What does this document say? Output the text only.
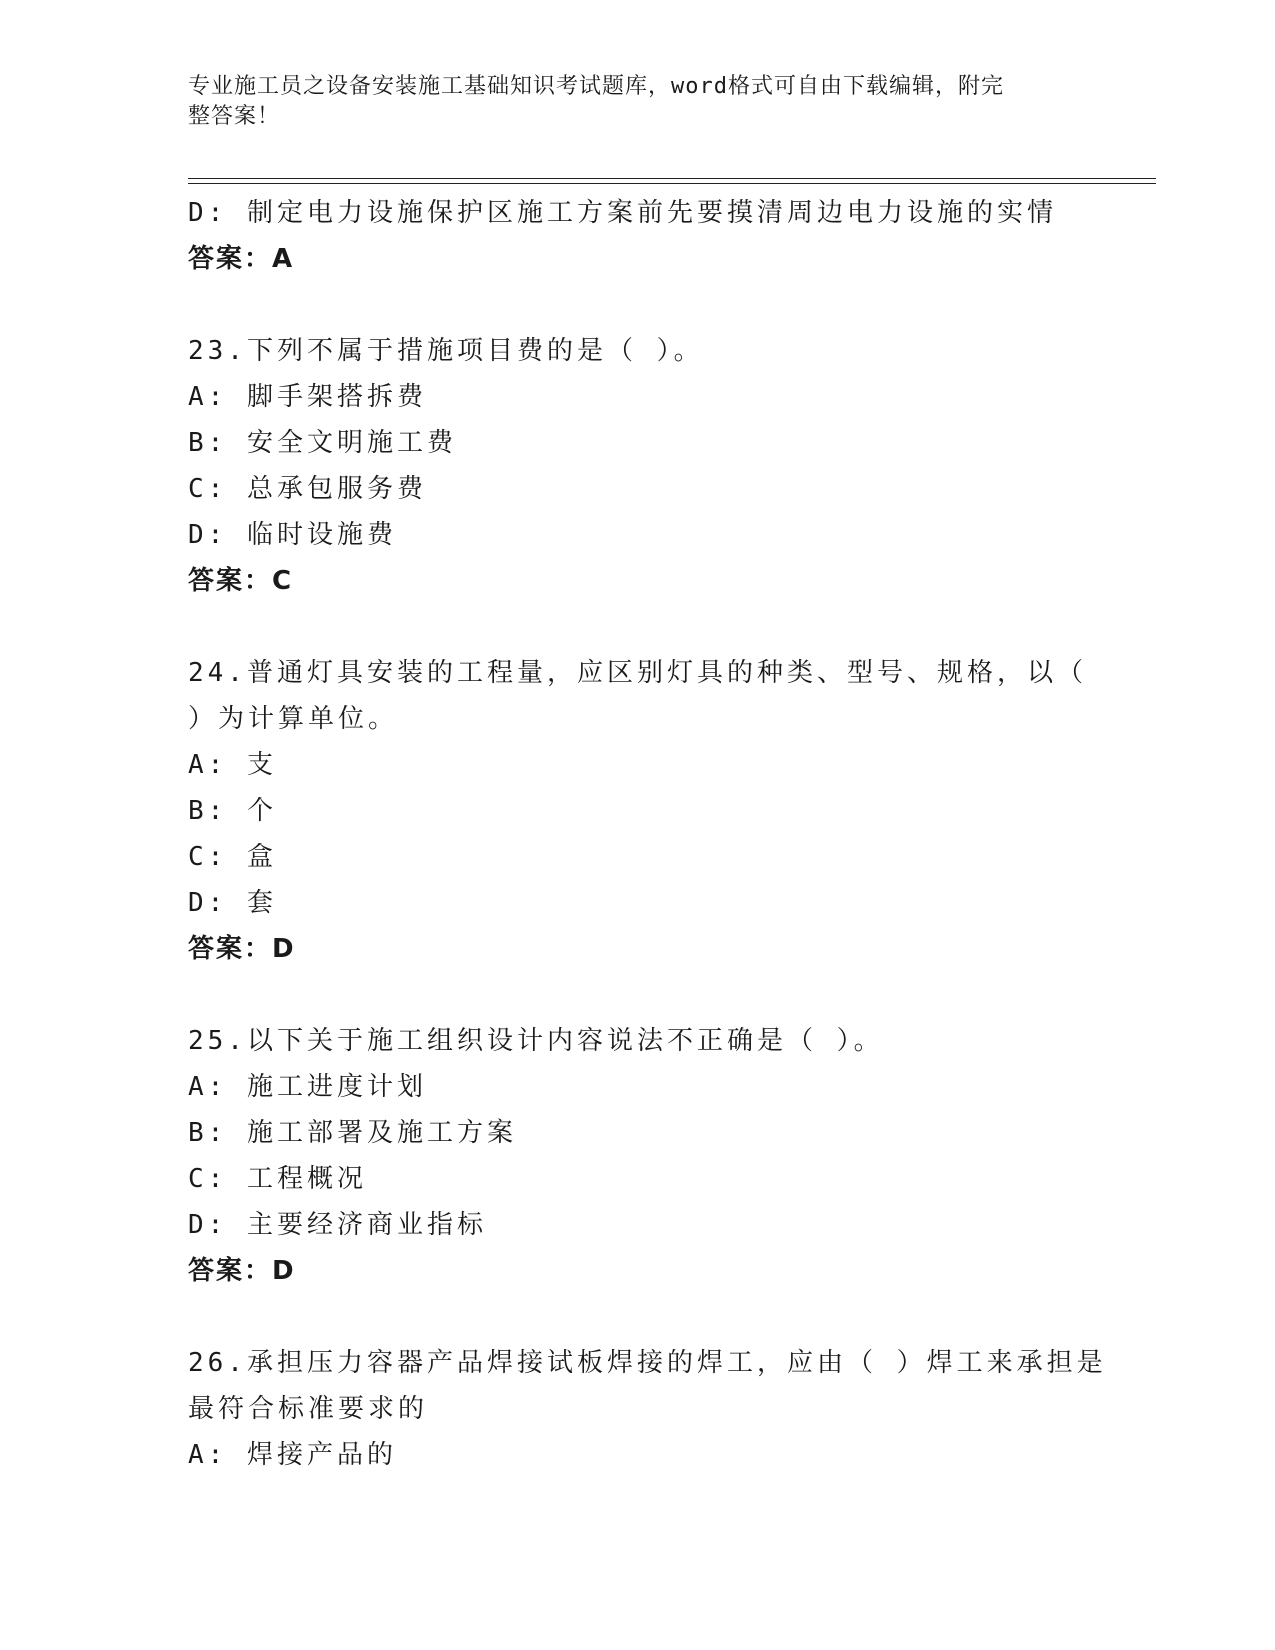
专业施工员之设备安装施工基础知识考试题库，word格式可自由下载编辑，附完
整答案！
D: 制定电力设施保护区施工方案前先要摸清周边电力设施的实情
答案：A
23.下列不属于措施项目费的是（ ）。
A: 脚手架搭拆费
B: 安全文明施工费
C: 总承包服务费
D: 临时设施费
答案：C
24.普通灯具安装的工程量，应区别灯具的种类、型号、规格，以（
）为计算单位。
A: 支
B: 个
C: 盒
D: 套
答案：D
25.以下关于施工组织设计内容说法不正确是（ ）。
A: 施工进度计划
B: 施工部署及施工方案
C: 工程概况
D: 主要经济商业指标
答案：D
26.承担压力容器产品焊接试板焊接的焊工，应由（ ）焊工来承担是
最符合标准要求的
A: 焊接产品的
